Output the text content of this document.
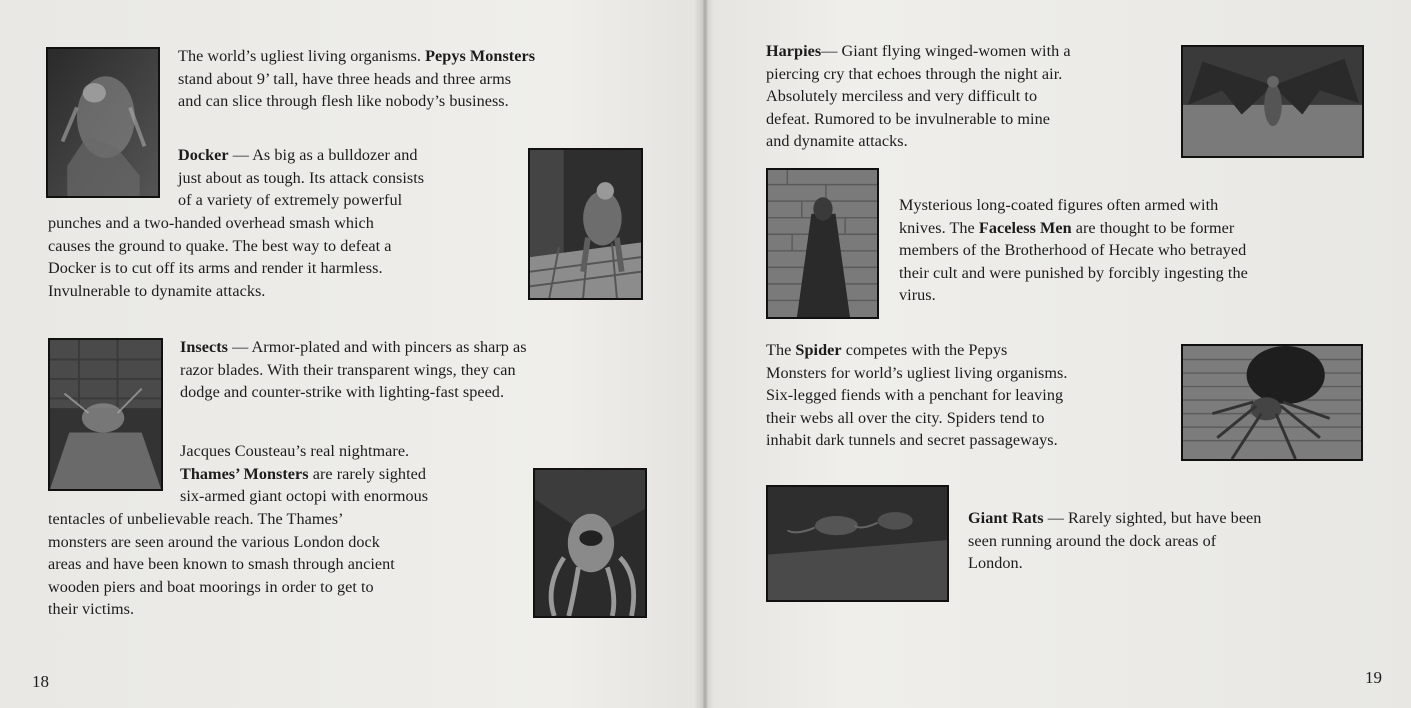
The world’s ugliest living organisms. Pepys Monsters
stand about 9’ tall, have three heads and three arms
and can slice through flesh like nobody’s business.

Docker — As big as a bulldozer and
just about as tough. Its attack consists
of a variety of extremely powerful

punches and a two-handed overhead smash which
causes the ground to quake. The best way to defeat a
Docker is to cut off its arms and render it harmless.
Invulnerable to dynamite attacks.

Insects — Armor-plated and with pincers as sharp as
razor blades. With their transparent wings, they can
dodge and counter-strike with lighting-fast speed.

Jacques Cousteau’s real nightmare.
Thames’ Monsters are rarely sighted
six-armed giant octopi with enormous

tentacles of unbelievable reach. The Thames’
monsters are seen around the various London dock
areas and have been known to smash through ancient
wooden piers and boat moorings in order to get to
their victims.

18

Harpies— Giant flying winged-women with a
piercing cry that echoes through the night air.
Absolutely merciless and very difficult to
defeat. Rumored to be invulnerable to mine
and dynamite attacks.

Mysterious long-coated figures often armed with
knives. The Faceless Men are thought to be former
members of the Brotherhood of Hecate who betrayed
their cult and were punished by forcibly ingesting the
virus.

The Spider competes with the Pepys
Monsters for world’s ugliest living organisms.
Six-legged fiends with a penchant for leaving
their webs all over the city. Spiders tend to
inhabit dark tunnels and secret passageways.

Giant Rats — Rarely sighted, but have been
seen running around the dock areas of
London.

19
